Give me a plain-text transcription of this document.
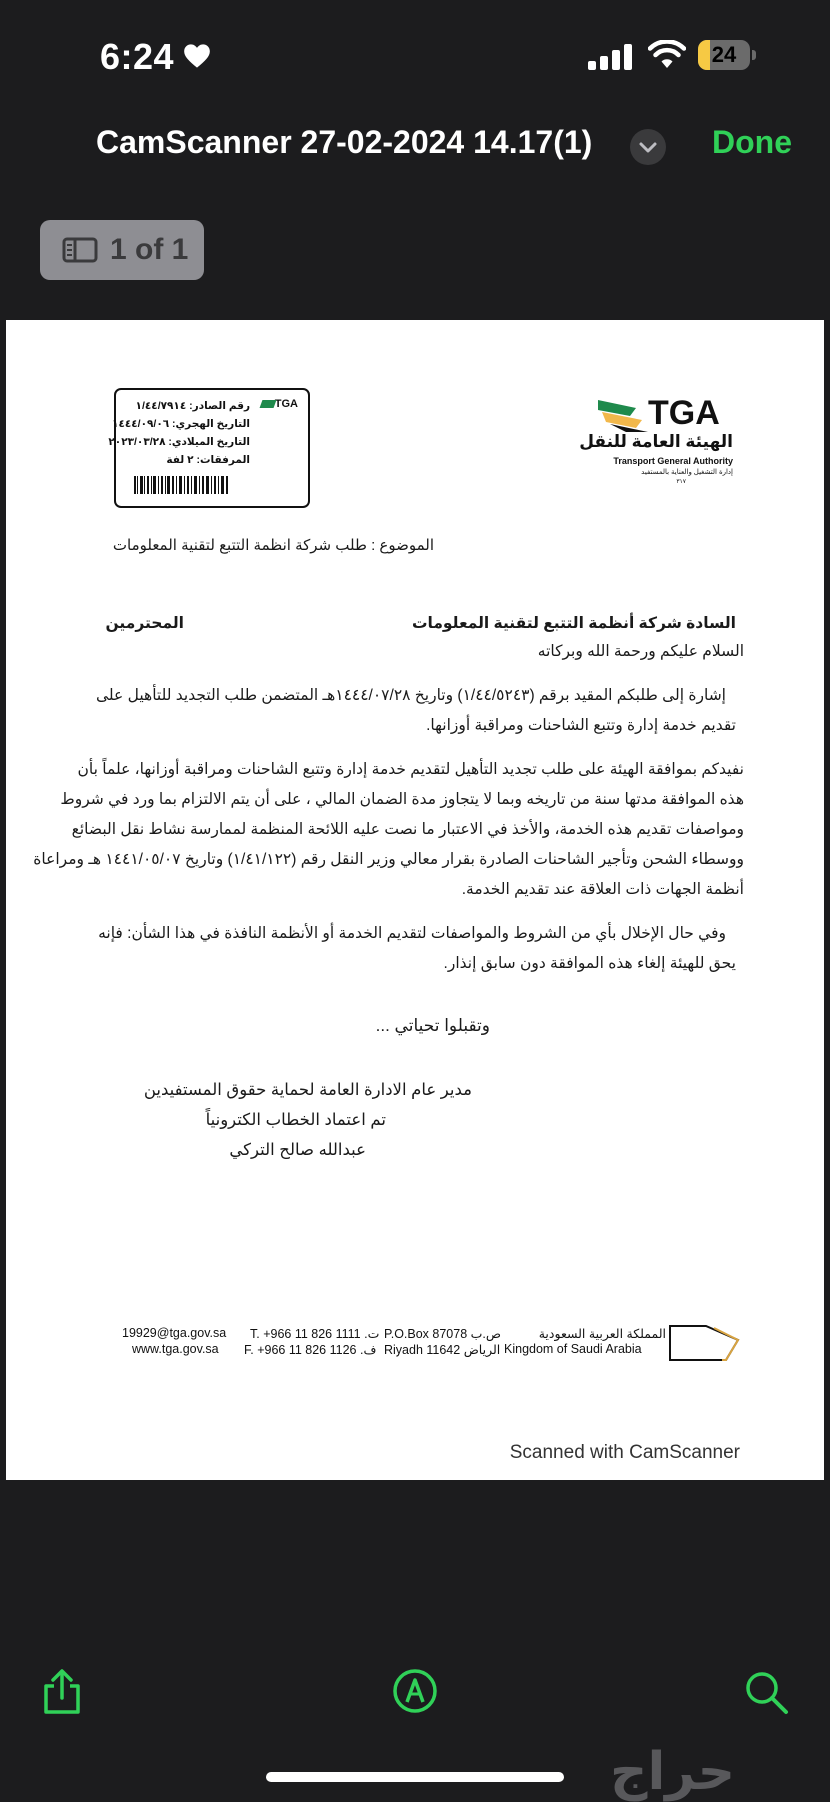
6:24	24
CamScanner 27-02-2024 14.17(1)	Done
1 of 1
TGA
رقم الصادر: ١/٤٤/٧٩١٤
التاريخ الهجري: ١٤٤٤/٠٩/٠٦
التاريخ الميلادي: ٢٠٢٣/٠٣/٢٨
المرفقات: ٢ لفة
TGA
الهيئة العامة للنقل
Transport General Authority
إدارة التشغيل والعناية بالمستفيد
٣١٧
الموضوع : طلب شركة انظمة التتبع لتقنية المعلومات
السادة شركة أنظمة التتبع لتقنية المعلومات
المحترمين
السلام عليكم ورحمة الله وبركاته
إشارة إلى طلبكم المقيد برقم (١/٤٤/٥٢٤٣) وتاريخ ١٤٤٤/٠٧/٢٨هـ المتضمن طلب التجديد للتأهيل على
تقديم خدمة إدارة وتتبع الشاحنات ومراقبة أوزانها.
نفيدكم بموافقة الهيئة على طلب تجديد التأهيل لتقديم خدمة إدارة وتتبع الشاحنات ومراقبة أوزانها، علماً بأن
هذه الموافقة مدتها سنة من تاريخه وبما لا يتجاوز مدة الضمان المالي ، على أن يتم الالتزام بما ورد في شروط
ومواصفات تقديم هذه الخدمة، والأخذ في الاعتبار ما نصت عليه اللائحة المنظمة لممارسة نشاط نقل البضائع
ووسطاء الشحن وتأجير الشاحنات الصادرة بقرار معالي وزير النقل رقم (١/٤١/١٢٢) وتاريخ ١٤٤١/٠٥/٠٧ هـ ومراعاة
أنظمة الجهات ذات العلاقة عند تقديم الخدمة.
وفي حال الإخلال بأي من الشروط والمواصفات لتقديم الخدمة أو الأنظمة النافذة في هذا الشأن: فإنه
يحق للهيئة إلغاء هذه الموافقة دون سابق إنذار.
وتقبلوا تحياتي ...
مدير عام الادارة العامة لحماية حقوق المستفيدين
تم اعتماد الخطاب الكترونياً
عبدالله صالح التركي
19929@tga.gov.sa
www.tga.gov.sa
T. +966 11 826 1111 .ت
F. +966 11 826 1126 .ف
P.O.Box 87078 ص.ب
Riyadh 11642 الرياض
المملكة العربية السعودية
Kingdom of Saudi Arabia
Scanned with CamScanner
حراج
